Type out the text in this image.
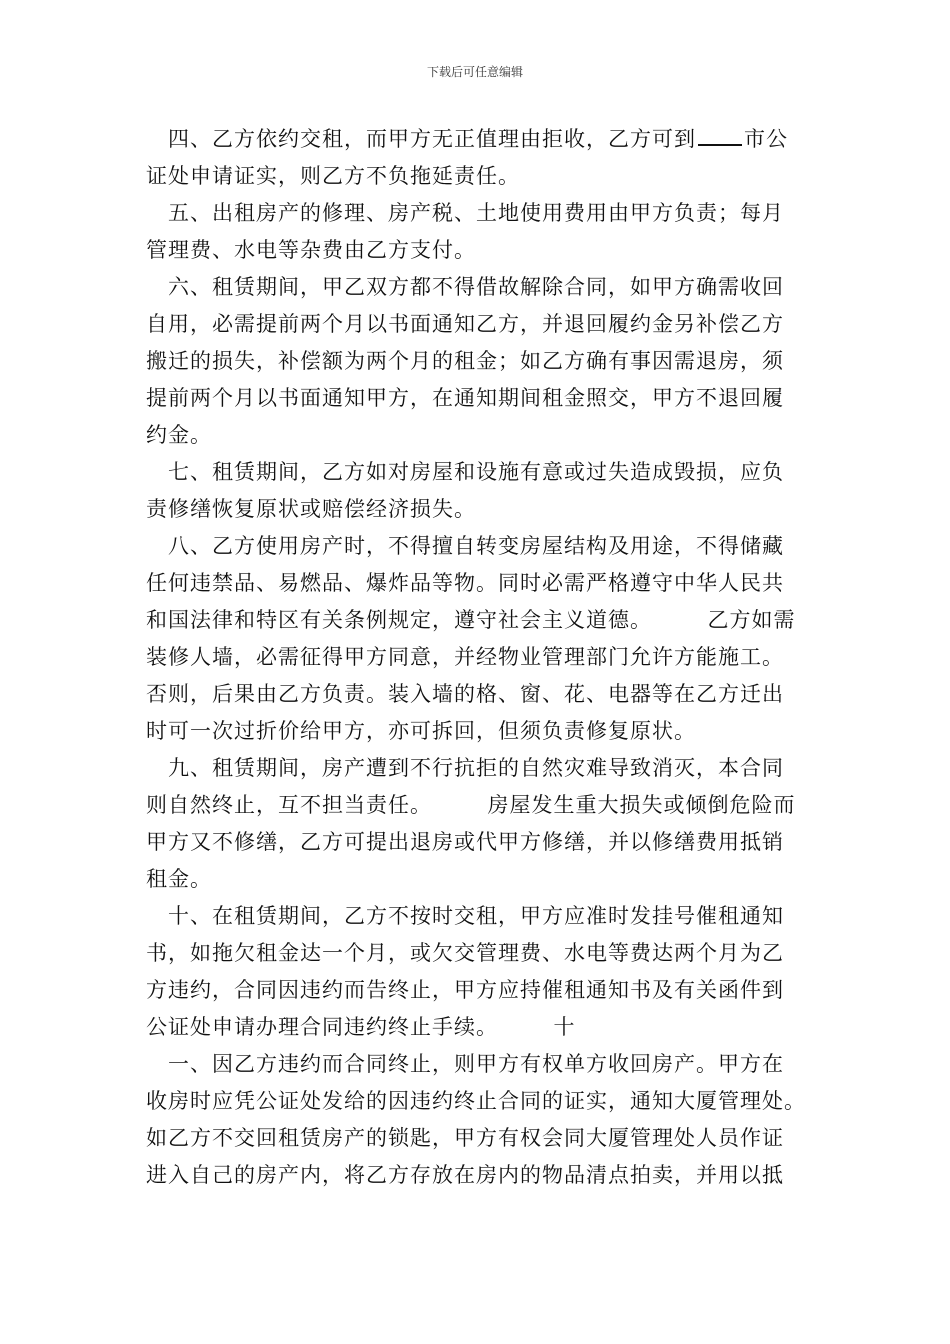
下载后可任意编辑
　四、乙方依约交租，而甲方无正值理由拒收，乙方可到 市公
证处申请证实，则乙方不负拖延责任。
　五、出租房产的修理、房产税、土地使用费用由甲方负责；每月
管理费、水电等杂费由乙方支付。
　六、租赁期间，甲乙双方都不得借故解除合同，如甲方确需收回
自用，必需提前两个月以书面通知乙方，并退回履约金另补偿乙方
搬迁的损失，补偿额为两个月的租金；如乙方确有事因需退房，须
提前两个月以书面通知甲方，在通知期间租金照交，甲方不退回履
约金。
　七、租赁期间，乙方如对房屋和设施有意或过失造成毁损，应负
责修缮恢复原状或赔偿经济损失。
　八、乙方使用房产时，不得擅自转变房屋结构及用途，不得储藏
任何违禁品、易燃品、爆炸品等物。同时必需严格遵守中华人民共
和国法律和特区有关条例规定，遵守社会主义道德。　　　乙方如需
装修人墙，必需征得甲方同意，并经物业管理部门允许方能施工。
否则，后果由乙方负责。装入墙的格、窗、花、电器等在乙方迁出
时可一次过折价给甲方，亦可拆回，但须负责修复原状。
　九、租赁期间，房产遭到不行抗拒的自然灾难导致消灭，本合同
则自然终止，互不担当责任。　　　房屋发生重大损失或倾倒危险而
甲方又不修缮，乙方可提出退房或代甲方修缮，并以修缮费用抵销
租金。
　十、在租赁期间，乙方不按时交租，甲方应准时发挂号催租通知
书，如拖欠租金达一个月，或欠交管理费、水电等费达两个月为乙
方违约，合同因违约而告终止，甲方应持催租通知书及有关函件到
公证处申请办理合同违约终止手续。　　　十
　一、因乙方违约而合同终止，则甲方有权单方收回房产。甲方在
收房时应凭公证处发给的因违约终止合同的证实，通知大厦管理处。
如乙方不交回租赁房产的锁匙，甲方有权会同大厦管理处人员作证
进入自己的房产内，将乙方存放在房内的物品清点拍卖，并用以抵
